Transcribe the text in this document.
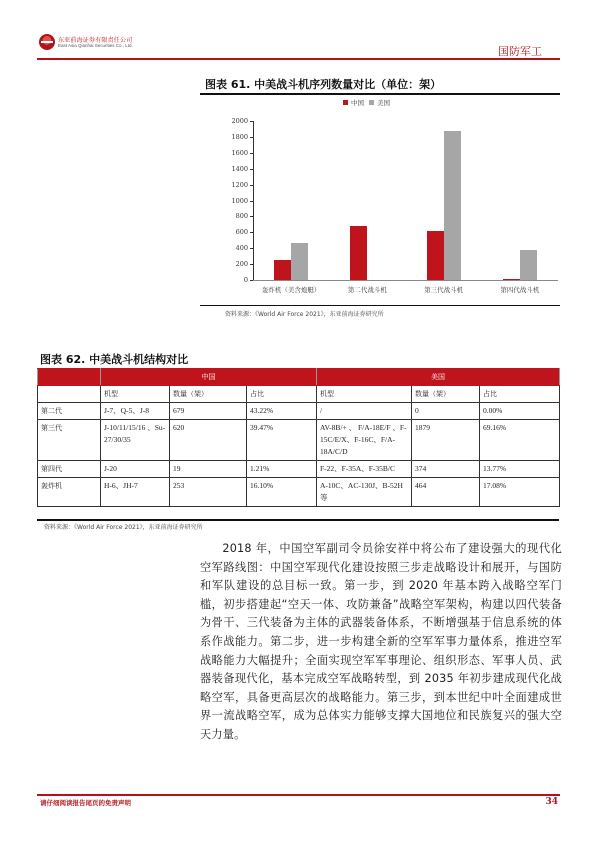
东亚前海证券有限责任公司
East Asia Qianhai Securities Co., Ltd.	国防军工
图表 61. 中美战斗机序列数量对比（单位：架）
中国 美国
0
200
400
600
800
1000
1200
1400
1600
1800
2000
轰炸机（美含炮艇）	第二代战斗机	第三代战斗机	第四代战斗机
资料来源：《World Air Force 2021》，东亚前海证券研究所
图表 62. 中美战斗机结构对比
	中国			美国		
	机型	数量（架）	占比	机型	数量（架）	占比
第二代	J-7、Q-5、J-8	679	43.22%	/	0	0.00%
第三代	J-10/11/15/16 、Su-27/30/35	620	39.47%	AV-8B/+ 、 F/A-18E/F 、F-15C/E/X、F-16C、F/A-18A/C/D	1879	69.16%
第四代	J-20	19	1.21%	F-22、F-35A、F-35B/C	374	13.77%
轰炸机	H-6、JH-7	253	16.10%	A-10C、AC-130J、B-52H等	464	17.08%
资料来源：《World Air Force 2021》，东亚前海证券研究所
2018 年，中国空军副司令员徐安祥中将公布了建设强大的现代化空军路线图：中国空军现代化建设按照三步走战略设计和展开，与国防和军队建设的总目标一致。第一步，到 2020 年基本跨入战略空军门槛，初步搭建起“空天一体、攻防兼备”战略空军架构，构建以四代装备为骨干、三代装备为主体的武器装备体系，不断增强基于信息系统的体系作战能力。第二步，进一步构建全新的空军军事力量体系，推进空军战略能力大幅提升；全面实现空军军事理论、组织形态、军事人员、武器装备现代化，基本完成空军战略转型，到 2035 年初步建成现代化战略空军，具备更高层次的战略能力。第三步，到本世纪中叶全面建成世界一流战略空军，成为总体实力能够支撑大国地位和民族复兴的强大空天力量。
请仔细阅读报告尾页的免责声明	34
